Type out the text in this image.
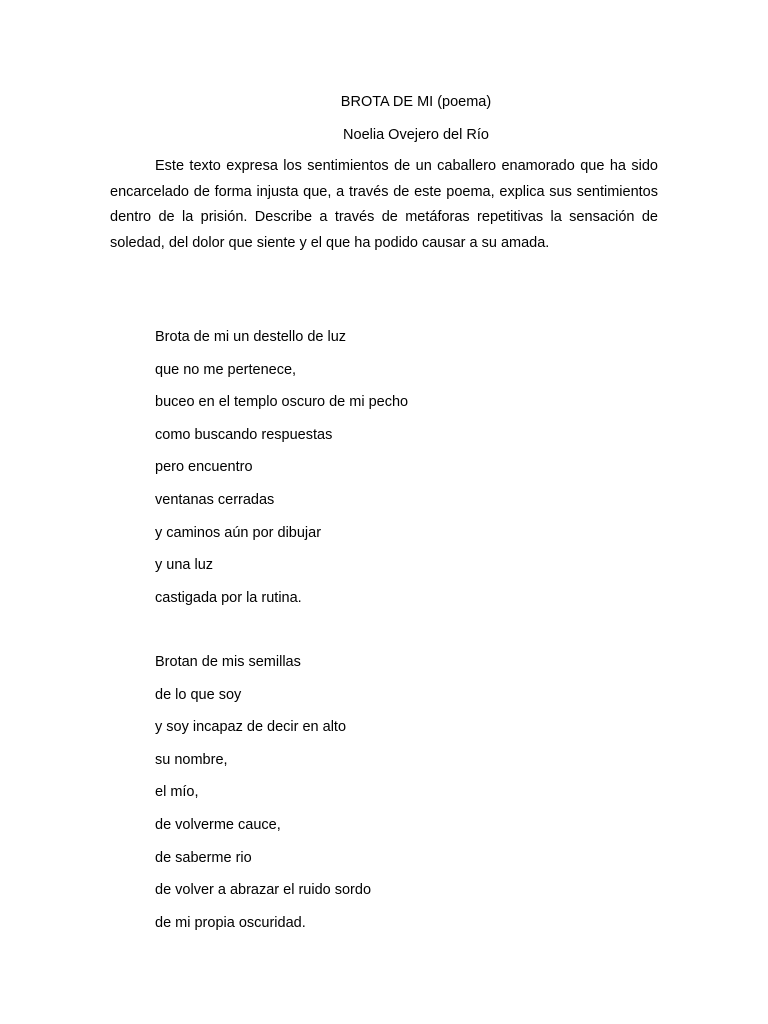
BROTA DE MI (poema)
Noelia Ovejero del Río

Este texto expresa los sentimientos de un caballero enamorado que ha sido encarcelado de forma injusta que, a través de este poema, explica sus sentimientos dentro de la prisión. Describe a través de metáforas repetitivas la sensación de soledad, del dolor que siente y el que ha podido causar a su amada.

Brota de mi un destello de luz
que no me pertenece,
buceo en el templo oscuro de mi pecho
como buscando respuestas
pero encuentro
ventanas cerradas
y caminos aún por dibujar
y una luz
castigada por la rutina.
Brotan de mis semillas
de lo que soy
y soy incapaz de decir en alto
su nombre,
el mío,
de volverme cauce,
de saberme rio
de volver a abrazar el ruido sordo
de mi propia oscuridad.
